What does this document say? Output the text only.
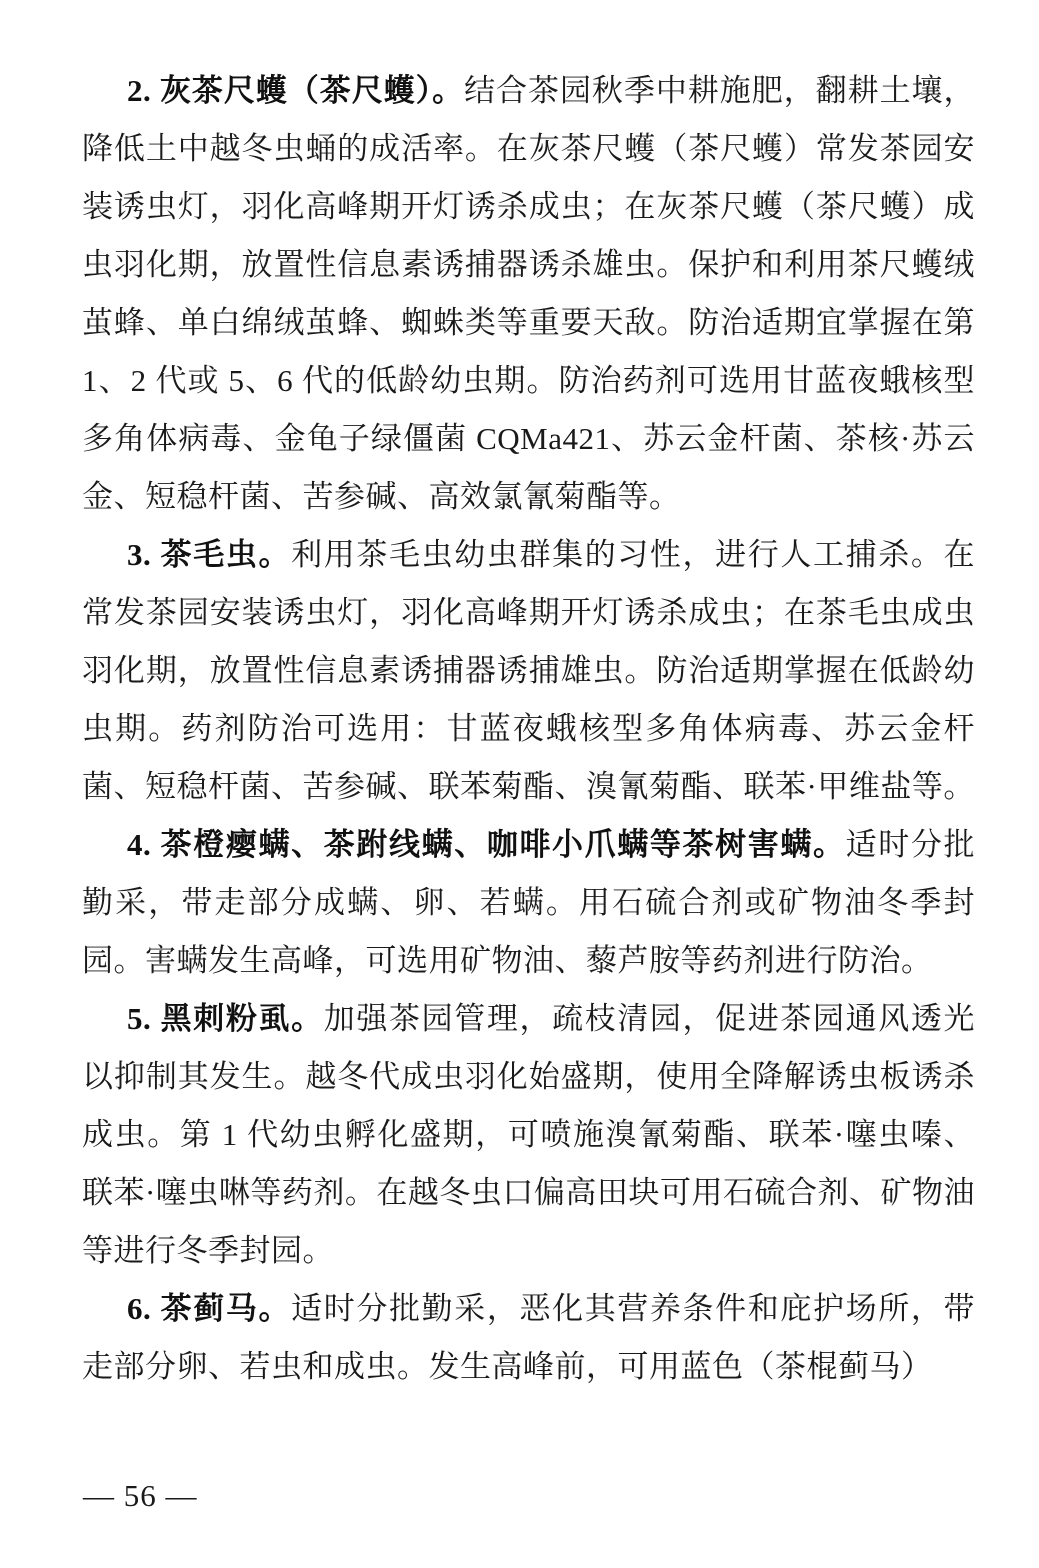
2. 灰茶尺蠖（茶尺蠖）。结合茶园秋季中耕施肥，翻耕土壤，降低土中越冬虫蛹的成活率。在灰茶尺蠖（茶尺蠖）常发茶园安装诱虫灯，羽化高峰期开灯诱杀成虫；在灰茶尺蠖（茶尺蠖）成虫羽化期，放置性信息素诱捕器诱杀雄虫。保护和利用茶尺蠖绒茧蜂、单白绵绒茧蜂、蜘蛛类等重要天敌。防治适期宜掌握在第 1、2 代或 5、6 代的低龄幼虫期。防治药剂可选用甘蓝夜蛾核型多角体病毒、金龟子绿僵菌 CQMa421、苏云金杆菌、茶核·苏云金、短稳杆菌、苦参碱、高效氯氰菊酯等。

3. 茶毛虫。利用茶毛虫幼虫群集的习性，进行人工捕杀。在常发茶园安装诱虫灯，羽化高峰期开灯诱杀成虫；在茶毛虫成虫羽化期，放置性信息素诱捕器诱捕雄虫。防治适期掌握在低龄幼虫期。药剂防治可选用：甘蓝夜蛾核型多角体病毒、苏云金杆菌、短稳杆菌、苦参碱、联苯菊酯、溴氰菊酯、联苯·甲维盐等。

4. 茶橙瘿螨、茶跗线螨、咖啡小爪螨等茶树害螨。适时分批勤采，带走部分成螨、卵、若螨。用石硫合剂或矿物油冬季封园。害螨发生高峰，可选用矿物油、藜芦胺等药剂进行防治。

5. 黑刺粉虱。加强茶园管理，疏枝清园，促进茶园通风透光以抑制其发生。越冬代成虫羽化始盛期，使用全降解诱虫板诱杀成虫。第 1 代幼虫孵化盛期，可喷施溴氰菊酯、联苯·噻虫嗪、联苯·噻虫啉等药剂。在越冬虫口偏高田块可用石硫合剂、矿物油等进行冬季封园。

6. 茶蓟马。适时分批勤采，恶化其营养条件和庇护场所，带走部分卵、若虫和成虫。发生高峰前，可用蓝色（茶棍蓟马）

— 56 —
